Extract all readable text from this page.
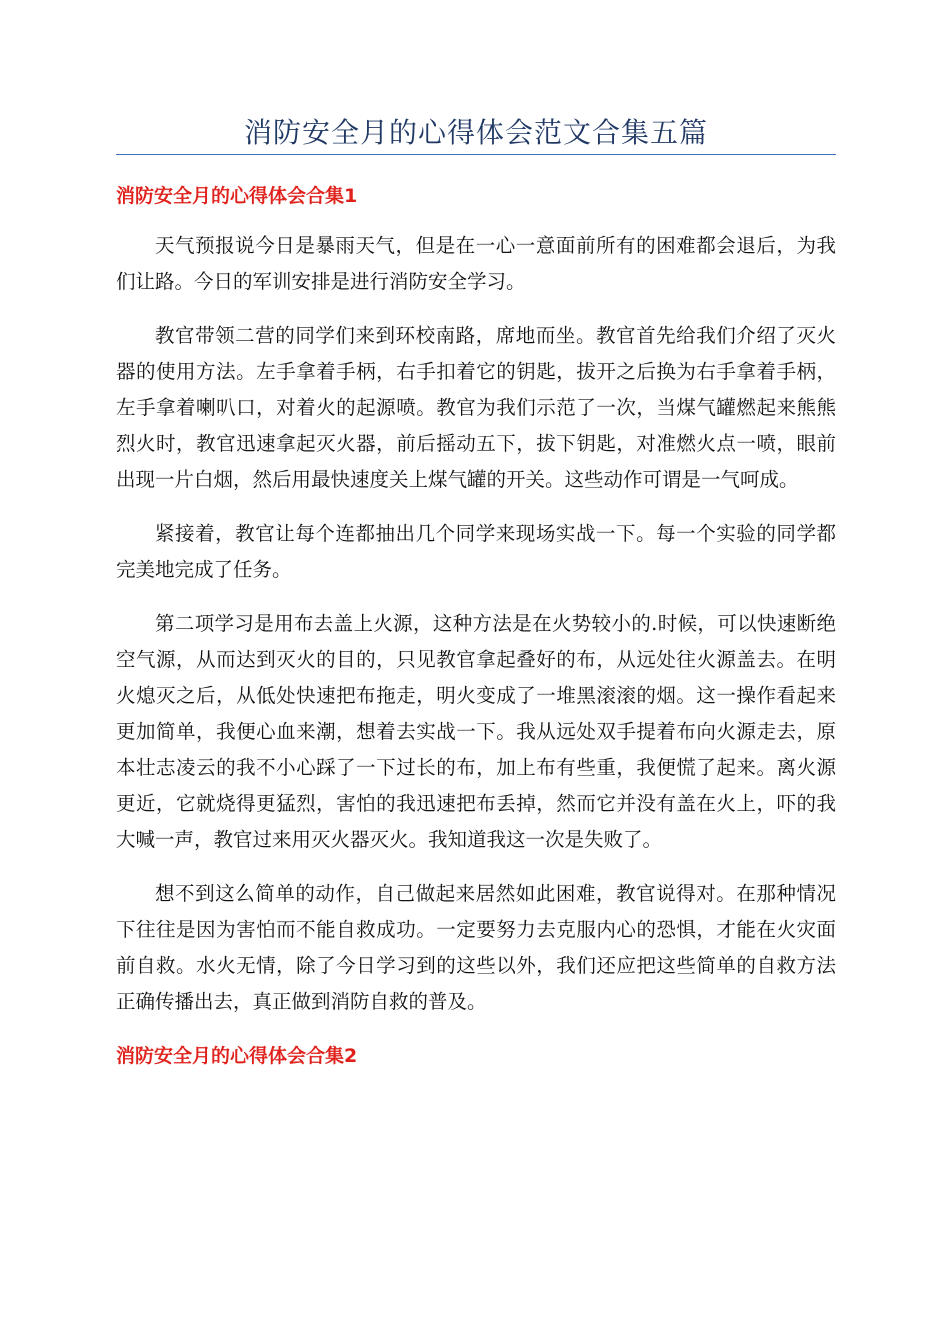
消防安全月的心得体会范文合集五篇
消防安全月的心得体会合集1

天气预报说今日是暴雨天气，但是在一心一意面前所有的困难都会退后，为我们让路。今日的军训安排是进行消防安全学习。

教官带领二营的同学们来到环校南路，席地而坐。教官首先给我们介绍了灭火器的使用方法。左手拿着手柄，右手扣着它的钥匙，拔开之后换为右手拿着手柄，左手拿着喇叭口，对着火的起源喷。教官为我们示范了一次，当煤气罐燃起来熊熊烈火时，教官迅速拿起灭火器，前后摇动五下，拔下钥匙，对准燃火点一喷，眼前出现一片白烟，然后用最快速度关上煤气罐的开关。这些动作可谓是一气呵成。

紧接着，教官让每个连都抽出几个同学来现场实战一下。每一个实验的同学都完美地完成了任务。

第二项学习是用布去盖上火源，这种方法是在火势较小的.时候，可以快速断绝空气源，从而达到灭火的目的，只见教官拿起叠好的布，从远处往火源盖去。在明火熄灭之后，从低处快速把布拖走，明火变成了一堆黑滚滚的烟。这一操作看起来更加简单，我便心血来潮，想着去实战一下。我从远处双手提着布向火源走去，原本壮志凌云的我不小心踩了一下过长的布，加上布有些重，我便慌了起来。离火源更近，它就烧得更猛烈，害怕的我迅速把布丢掉，然而它并没有盖在火上，吓的我大喊一声，教官过来用灭火器灭火。我知道我这一次是失败了。

想不到这么简单的动作，自己做起来居然如此困难，教官说得对。在那种情况下往往是因为害怕而不能自救成功。一定要努力去克服内心的恐惧，才能在火灾面前自救。水火无情，除了今日学习到的这些以外，我们还应把这些简单的自救方法正确传播出去，真正做到消防自救的普及。

消防安全月的心得体会合集2
